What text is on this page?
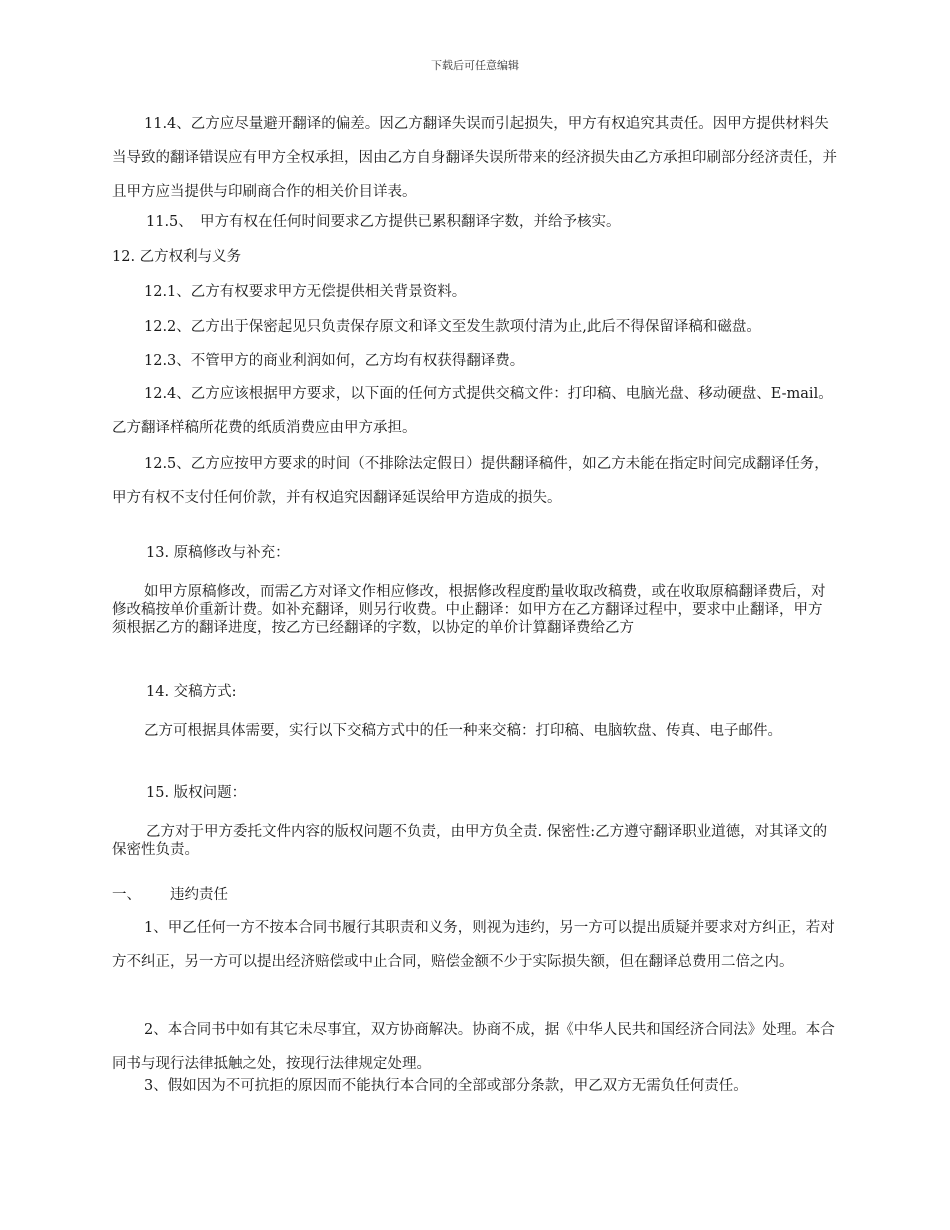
下载后可任意编辑

11.4、乙方应尽量避开翻译的偏差。因乙方翻译失误而引起损失，甲方有权追究其责任。因甲方提供材料失当导致的翻译错误应有甲方全权承担，因由乙方自身翻译失误所带来的经济损失由乙方承担印刷部分经济责任，并且甲方应当提供与印刷商合作的相关价目详表。

11.5、　甲方有权在任何时间要求乙方提供已累积翻译字数，并给予核实。

12. 乙方权利与义务

12.1、乙方有权要求甲方无偿提供相关背景资料。

12.2、乙方出于保密起见只负责保存原文和译文至发生款项付清为止,此后不得保留译稿和磁盘。

12.3、不管甲方的商业利润如何，乙方均有权获得翻译费。

12.4、乙方应该根据甲方要求，以下面的任何方式提供交稿文件：打印稿、电脑光盘、移动硬盘、E-mail。乙方翻译样稿所花费的纸质消费应由甲方承担。

12.5、乙方应按甲方要求的时间（不排除法定假日）提供翻译稿件，如乙方未能在指定时间完成翻译任务，甲方有权不支付任何价款，并有权追究因翻译延误给甲方造成的损失。

13. 原稿修改与补充：

如甲方原稿修改，而需乙方对译文作相应修改，根据修改程度酌量收取改稿费，或在收取原稿翻译费后，对修改稿按单价重新计费。如补充翻译，则另行收费。中止翻译：如甲方在乙方翻译过程中，要求中止翻译，甲方须根据乙方的翻译进度，按乙方已经翻译的字数，以协定的单价计算翻译费给乙方

14. 交稿方式:

乙方可根据具体需要，实行以下交稿方式中的任一种来交稿：打印稿、电脑软盘、传真、电子邮件。

15. 版权问题：

乙方对于甲方委托文件内容的版权问题不负责，由甲方负全责. 保密性:乙方遵守翻译职业道德，对其译文的保密性负责。

一、 违约责任

1、甲乙任何一方不按本合同书履行其职责和义务，则视为违约，另一方可以提出质疑并要求对方纠正，若对方不纠正，另一方可以提出经济赔偿或中止合同，赔偿金额不少于实际损失额，但在翻译总费用二倍之内。

2、本合同书中如有其它未尽事宜，双方协商解决。协商不成，据《中华人民共和国经济合同法》处理。本合同书与现行法律抵触之处，按现行法律规定处理。

3、假如因为不可抗拒的原因而不能执行本合同的全部或部分条款，甲乙双方无需负任何责任。
